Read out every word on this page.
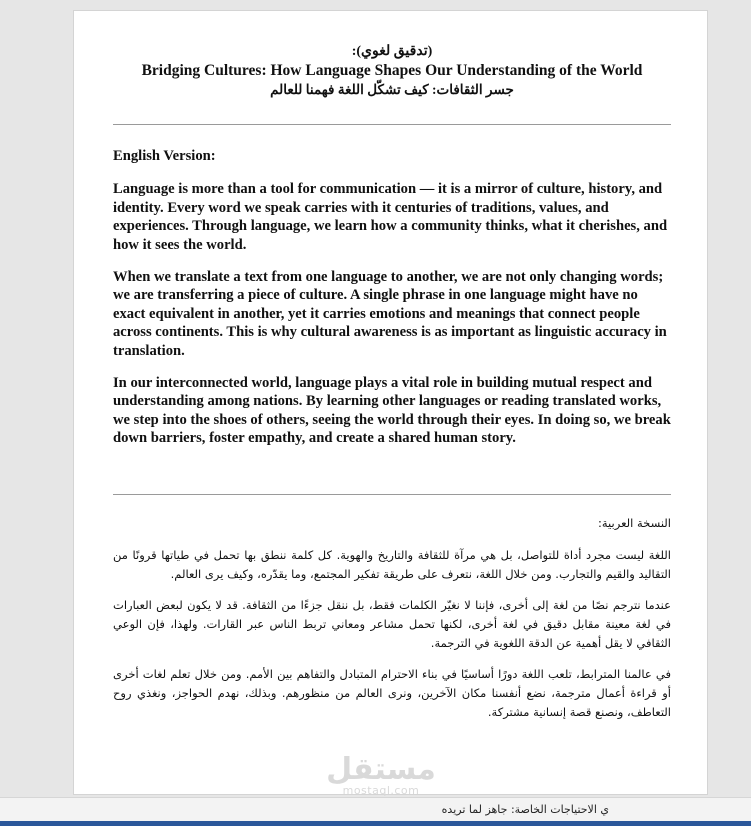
(تدقيق لغوي):
Bridging Cultures: How Language Shapes Our Understanding of the World
جسر الثقافات: كيف تشكّل اللغة فهمنا للعالم

English Version:

Language is more than a tool for communication — it is a mirror of culture, history, and identity. Every word we speak carries with it centuries of traditions, values, and experiences. Through language, we learn how a community thinks, what it cherishes, and how it sees the world.

When we translate a text from one language to another, we are not only changing words; we are transferring a piece of culture. A single phrase in one language might have no exact equivalent in another, yet it carries emotions and meanings that connect people across continents. This is why cultural awareness is as important as linguistic accuracy in translation.

In our interconnected world, language plays a vital role in building mutual respect and understanding among nations. By learning other languages or reading translated works, we step into the shoes of others, seeing the world through their eyes. In doing so, we break down barriers, foster empathy, and create a shared human story.

النسخة العربية:

اللغة ليست مجرد أداة للتواصل، بل هي مرآة للثقافة والتاريخ والهوية. كل كلمة ننطق بها تحمل في طياتها قرونًا من التقاليد والقيم والتجارب. ومن خلال اللغة، نتعرف على طريقة تفكير المجتمع، وما يقدّره، وكيف يرى العالم.

عندما نترجم نصًا من لغة إلى أخرى، فإننا لا نغيّر الكلمات فقط، بل ننقل جزءًا من الثقافة. قد لا يكون لبعض العبارات في لغة معينة مقابل دقيق في لغة أخرى، لكنها تحمل مشاعر ومعاني تربط الناس عبر القارات. ولهذا، فإن الوعي الثقافي لا يقل أهمية عن الدقة اللغوية في الترجمة.

في عالمنا المترابط، تلعب اللغة دورًا أساسيًا في بناء الاحترام المتبادل والتفاهم بين الأمم. ومن خلال تعلم لغات أخرى أو قراءة أعمال مترجمة، نضع أنفسنا مكان الآخرين، ونرى العالم من منظورهم. وبذلك، نهدم الحواجز، ونغذي روح التعاطف، ونصنع قصة إنسانية مشتركة.

مستقل
mostaql.com
ي الاحتياجات الخاصة: جاهز لما تريده
